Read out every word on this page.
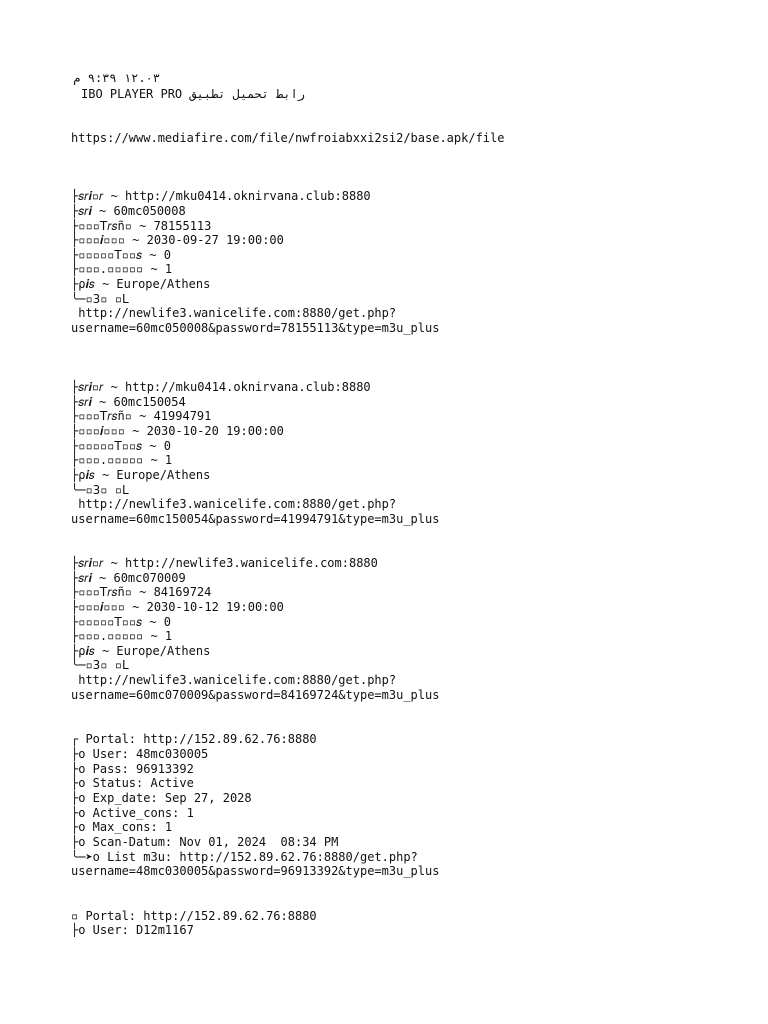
١٢.٠٣ ٩:٣٩ م
رابط تحميل تطبيق IBO PLAYER PRO
https://www.mediafire.com/file/nwfroiabxxi2si2/base.apk/file
├𝑠𝑟𝒊▫𝑟 ~ http://mku0414.oknirvana.club:8880
├𝑠𝑟𝒊 ~ 60mc050008
├▫▫▫𝖳𝑟𝑠ñ▫ ~ 78155113
├▫▫▫𝒊▫▫▫ ~ 2030-09-27 19:00:00
├▫▫▫▫▫𝖳▫▫𝑠 ~ 0
├▫▫▫.▫▫▫▫▫ ~ 1
├ρ𝒊𝑠 ~ Europe/Athens
╰─▫𝟥▫ ▫𝖫
http://newlife3.wanicelife.com:8880/get.php?
username=60mc050008&password=78155113&type=m3u_plus
├𝑠𝑟𝒊▫𝑟 ~ http://mku0414.oknirvana.club:8880
├𝑠𝑟𝒊 ~ 60mc150054
├▫▫▫𝖳𝑟𝑠ñ▫ ~ 41994791
├▫▫▫𝒊▫▫▫ ~ 2030-10-20 19:00:00
├▫▫▫▫▫𝖳▫▫𝑠 ~ 0
├▫▫▫.▫▫▫▫▫ ~ 1
├ρ𝒊𝑠 ~ Europe/Athens
╰─▫𝟥▫ ▫𝖫
http://newlife3.wanicelife.com:8880/get.php?
username=60mc150054&password=41994791&type=m3u_plus
├𝑠𝑟𝒊▫𝑟 ~ http://newlife3.wanicelife.com:8880
├𝑠𝑟𝒊 ~ 60mc070009
├▫▫▫𝖳𝑟𝑠ñ▫ ~ 84169724
├▫▫▫𝒊▫▫▫ ~ 2030-10-12 19:00:00
├▫▫▫▫▫𝖳▫▫𝑠 ~ 0
├▫▫▫.▫▫▫▫▫ ~ 1
├ρ𝒊𝑠 ~ Europe/Athens
╰─▫𝟥▫ ▫𝖫
http://newlife3.wanicelife.com:8880/get.php?
username=60mc070009&password=84169724&type=m3u_plus
┌ Portal: http://152.89.62.76:8880
├o User: 48mc030005
├o Pass: 96913392
├o Status: Active
├o Exp_date: Sep 27, 2028
├o Active_cons: 1
├o Max_cons: 1
├o Scan-Datum: Nov 01, 2024  08:34 PM
╰─➤o List m3u: http://152.89.62.76:8880/get.php?
username=48mc030005&password=96913392&type=m3u_plus
▫ Portal: http://152.89.62.76:8880
├o User: D12m1167
